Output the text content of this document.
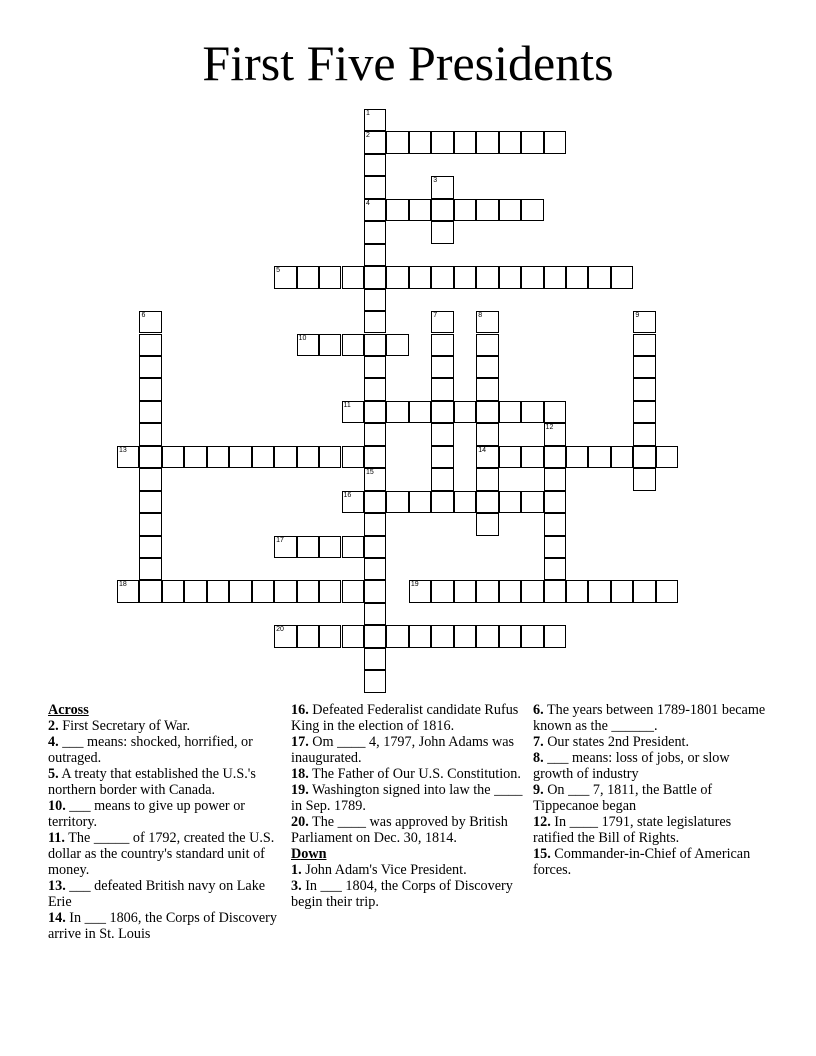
First Five Presidents
1
2
4
15
3
5
6	7	8
14
9
10
11
12
13
16
17
18	19
20

Across

2. First Secretary of War.

4. ___ means: shocked, horrified, or outraged.

5. A treaty that established the U.S.'s northern border with Canada.

10. ___ means to give up power or territory.

11. The _____ of 1792, created the U.S. dollar as the country's standard unit of money.

13. ___ defeated British navy on Lake Erie

14. In ___ 1806, the Corps of Discovery arrive in St. Louis

16. Defeated Federalist candidate Rufus King in the election of 1816.

17. Om ____ 4, 1797, John Adams was inaugurated.

18. The Father of Our U.S. Constitution.

19. Washington signed into law the ____ in Sep. 1789.

20. The ____ was approved by British Parliament on Dec. 30, 1814.

Down

1. John Adam's Vice President.

3. In ___ 1804, the Corps of Discovery begin their trip.

6. The years between 1789-1801 became known as the ______.

7. Our states 2nd President.

8. ___ means: loss of jobs, or slow growth of industry

9. On ___ 7, 1811, the Battle of Tippecanoe began

12. In ____ 1791, state legislatures ratified the Bill of Rights.

15. Commander-in-Chief of American forces.
